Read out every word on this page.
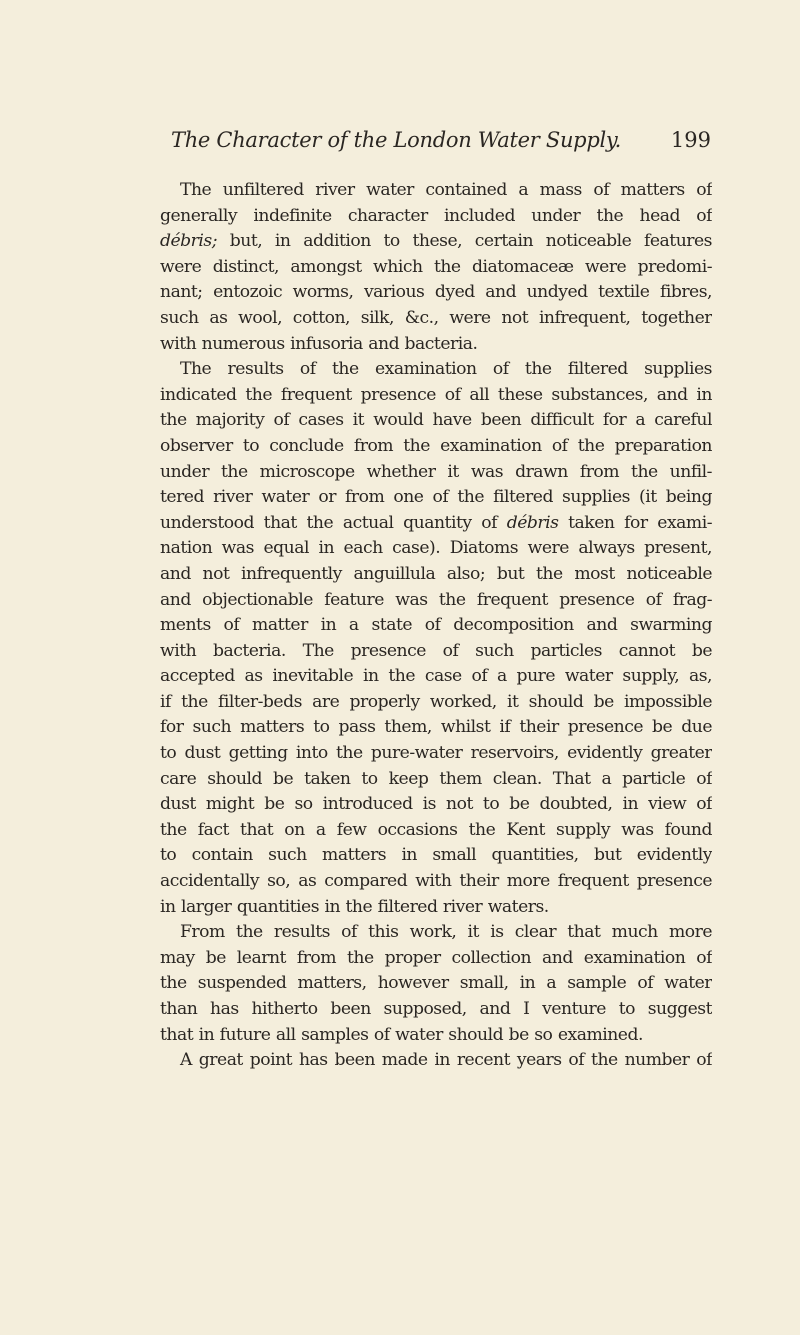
The Character of the London Water Supply. 199
The unfiltered river water contained a mass of matters of
generally indefinite character included under the head of
débris; but, in addition to these, certain noticeable features
were distinct, amongst which the diatomaceæ were predomi-
nant; entozoic worms, various dyed and undyed textile fibres,
such as wool, cotton, silk, &c., were not infrequent, together
with numerous infusoria and bacteria.
The results of the examination of the filtered supplies
indicated the frequent presence of all these substances, and in
the majority of cases it would have been difficult for a careful
observer to conclude from the examination of the preparation
under the microscope whether it was drawn from the unfil-
tered river water or from one of the filtered supplies (it being
understood that the actual quantity of débris taken for exami-
nation was equal in each case). Diatoms were always present,
and not infrequently anguillula also; but the most noticeable
and objectionable feature was the frequent presence of frag-
ments of matter in a state of decomposition and swarming
with bacteria. The presence of such particles cannot be
accepted as inevitable in the case of a pure water supply, as,
if the filter-beds are properly worked, it should be impossible
for such matters to pass them, whilst if their presence be due
to dust getting into the pure-water reservoirs, evidently greater
care should be taken to keep them clean. That a particle of
dust might be so introduced is not to be doubted, in view of
the fact that on a few occasions the Kent supply was found
to contain such matters in small quantities, but evidently
accidentally so, as compared with their more frequent presence
in larger quantities in the filtered river waters.
From the results of this work, it is clear that much more
may be learnt from the proper collection and examination of
the suspended matters, however small, in a sample of water
than has hitherto been supposed, and I venture to suggest
that in future all samples of water should be so examined.
A great point has been made in recent years of the number of
